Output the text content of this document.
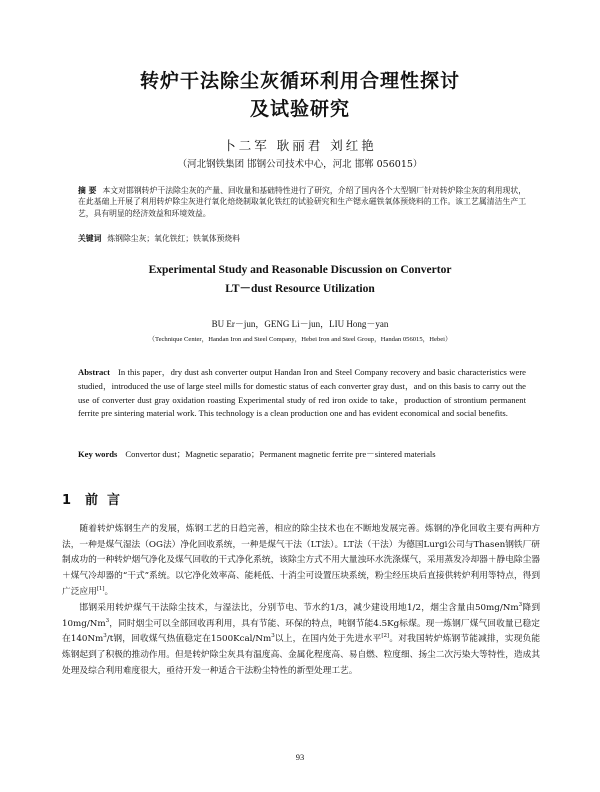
转炉干法除尘灰循环利用合理性探讨
及试验研究
卜二军 耿丽君 刘红艳
（河北钢铁集团 邯钢公司技术中心，河北 邯郸 056015）
摘 要 本文对邯钢转炉干法除尘灰的产量、回收量和基础特性进行了研究，介绍了国内各个大型钢厂针对转炉除尘灰的利用现状，在此基础上开展了利用转炉除尘灰进行氧化焙烧制取氧化铁红的试验研究和生产锶永磁铁氧体预烧料的工作。该工艺属清洁生产工艺，具有明显的经济效益和环境效益。
关键词 炼钢除尘灰；氧化铁红；铁氧体预烧料
Experimental Study and Reasonable Discussion on Convertor
LT－dust Resource Utilization
BU Er－jun，GENG Li－jun，LIU Hong－yan
（Technique Center，Handan Iron and Steel Company，Hebei Iron and Steel Group，Handan 056015，Hebei）
Abstract In this paper，dry dust ash converter output Handan Iron and Steel Company recovery and basic characteristics were studied，introduced the use of large steel mills for domestic status of each converter gray dust，and on this basis to carry out the use of converter dust gray oxidation roasting Experimental study of red iron oxide to take，production of strontium permanent ferrite pre sintering material work. This technology is a clean production one and has evident economical and social benefits.
Key words Convertor dust；Magnetic separatio；Permanent magnetic ferrite pre－sintered materials
1 前言
随着转炉炼钢生产的发展，炼钢工艺的日趋完善，相应的除尘技术也在不断地发展完善。炼钢的净化回收主要有两种方法，一种是煤气湿法（OG法）净化回收系统，一种是煤气干法（LT法）。LT法（干法）为德国Lurgi公司与Thasen钢铁厂研制成功的一种转炉烟气净化及煤气回收的干式净化系统，该除尘方式不用大量浊环水洗涤煤气，采用蒸发冷却器＋静电除尘器＋煤气冷却器的“干式”系统。以它净化效率高、能耗低、十消尘可设置压块系统，粉尘经压块后直接供转炉利用等特点，得到广泛应用[1]。
邯钢采用转炉煤气干法除尘技术，与湿法比，分别节电、节水约1/3，减少建设用地1/2，烟尘含量由50mg/Nm$^3$降到10mg/Nm$^3$，同时烟尘可以全部回收再利用，具有节能、环保的特点，吨钢节能4.5Kg标煤。现一炼钢厂煤气回收量已稳定在140Nm$^3$/t钢，回收煤气热值稳定在1500Kcal/Nm$^3$以上，在国内处于先进水平[2]。对我国转炉炼钢节能减排，实现负能炼钢起到了积极的推动作用。但是转炉除尘灰具有温度高、金属化程度高、易自燃、粒度细、扬尘二次污染大等特性，造成其处理及综合利用难度很大，亟待开发一种适合干法粉尘特性的新型处理工艺。
93
